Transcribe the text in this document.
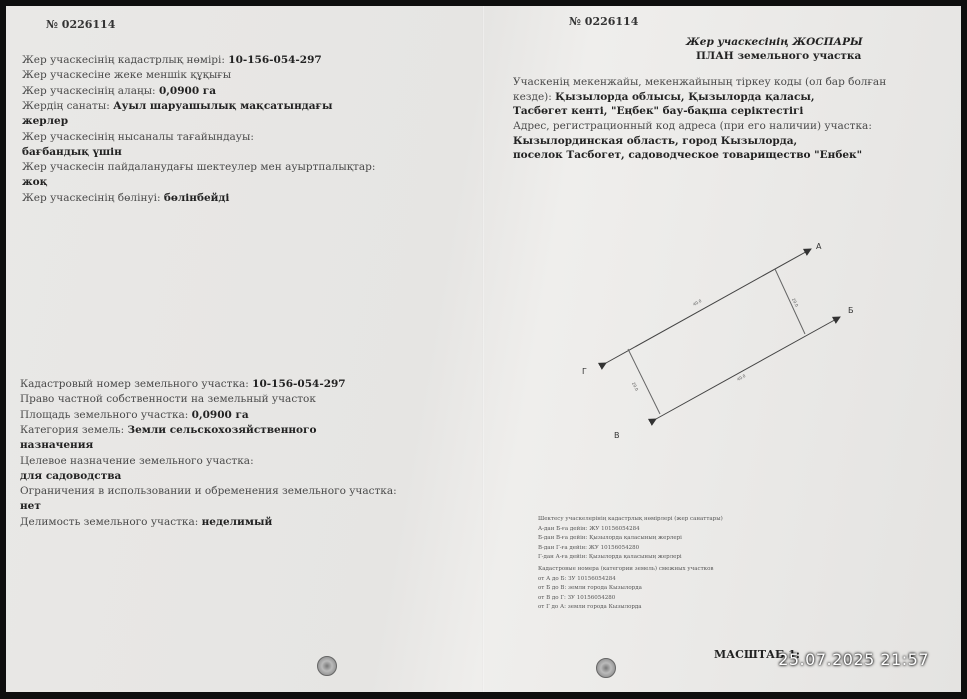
№ 0226114
Жер учаскесінің кадастрлық нөмірі: 10-156-054-297
Жер учаскесіне жеке меншік құқығы
Жер учаскесінің алаңы: 0,0900 га
Жердің санаты: Ауыл шаруашылық мақсатындағы
жерлер
Жер учаскесінің нысаналы тағайындауы:
бағбандық үшін
Жер учаскесін пайдаланудағы шектеулер мен ауыртпалықтар:
жоқ
Жер учаскесінің бөлінуі: бөлінбейді
Кадастровый номер земельного участка: 10-156-054-297
Право частной собственности на земельный участок
Площадь земельного участка: 0,0900 га
Категория земель: Земли сельскохозяйственного
назначения
Целевое назначение земельного участка:
для садоводства
Ограничения в использовании и обременения земельного участка:
нет
Делимость земельного участка: неделимый
№ 0226114
Жер учаскесінің ЖОСПАРЫ
ПЛАН земельного участка
Учаскенің мекенжайы, мекенжайының тіркеу коды (ол бар болған
кезде): Қызылорда облысы, Қызылорда қаласы,
Тасбөгет кенті, "Еңбек" бау-бақша серіктестігі
Адрес, регистрационный код адреса (при его наличии) участка:
Кызылординская область, город Кызылорда,
поселок Тасбогет, садоводческое товарищество "Енбек"
А
Б
В
Г
40.0	20.0
40.0
20.0
Шектесу учаскелерінің кадастрлық нөмірлері (жер санаттары)
А-дан Б-ға дейін: ЖУ 10156054284
Б-дан В-ға дейін: Қызылорда қаласының жерлері
В-дан Г-ға дейін: ЖУ 10156054280
Г-дан А-ға дейін: Қызылорда қаласының жерлері
Кадастровые номера (категории земель) смежных участков
от А до Б: ЗУ 10156054284
от Б до В: земли города Кызылорда
от В до Г: ЗУ 10156054280
от Г до А: земли города Кызылорда
МАСШТАБ 1:
25.07.2025 21:57
